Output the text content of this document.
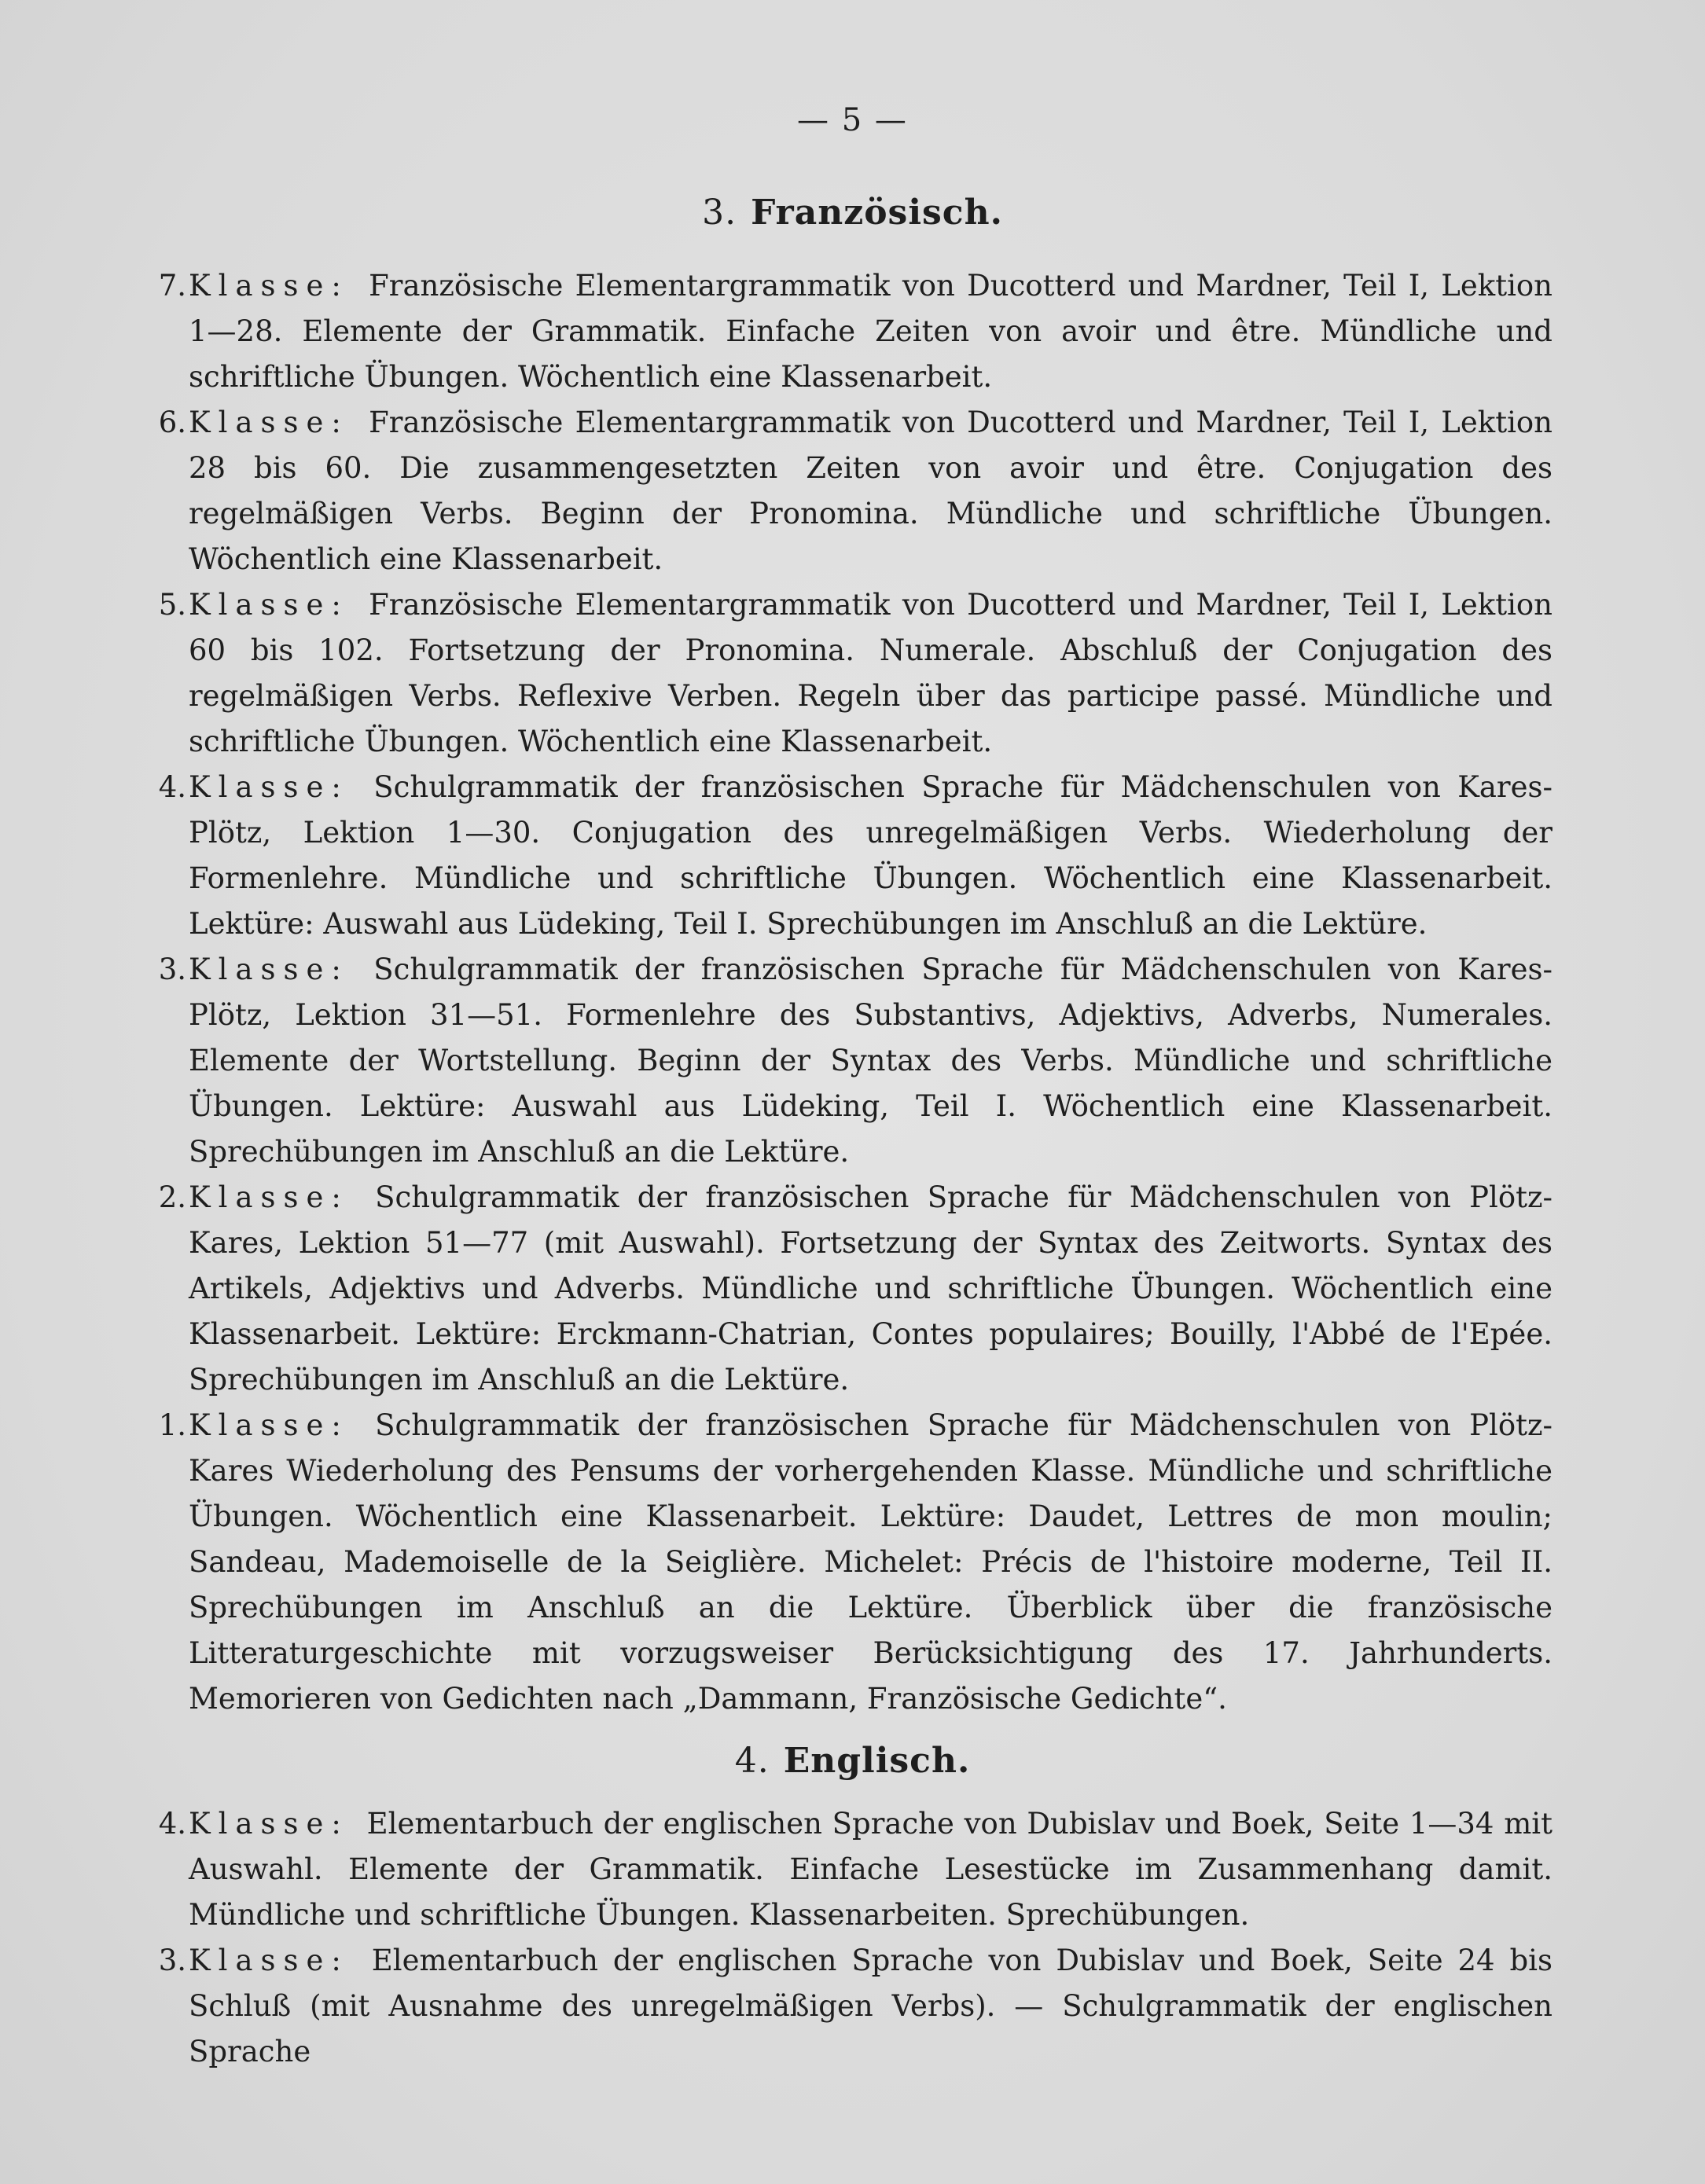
— 5 —
3. Französisch.
7. Klasse: Französische Elementargrammatik von Ducotterd und Mardner, Teil I, Lektion 1—28. Elemente der Grammatik. Einfache Zeiten von avoir und être. Mündliche und schriftliche Übungen. Wöchentlich eine Klassenarbeit.
6. Klasse: Französische Elementargrammatik von Ducotterd und Mardner, Teil I, Lektion 28 bis 60. Die zusammengesetzten Zeiten von avoir und être. Conjugation des regelmäßigen Verbs. Beginn der Pronomina. Mündliche und schriftliche Übungen. Wöchentlich eine Klassenarbeit.
5. Klasse: Französische Elementargrammatik von Ducotterd und Mardner, Teil I, Lektion 60 bis 102. Fortsetzung der Pronomina. Numerale. Abschluß der Conjugation des regelmäßigen Verbs. Reflexive Verben. Regeln über das participe passé. Mündliche und schriftliche Übungen. Wöchentlich eine Klassenarbeit.
4. Klasse: Schulgrammatik der französischen Sprache für Mädchenschulen von Kares-Plötz, Lektion 1—30. Conjugation des unregelmäßigen Verbs. Wiederholung der Formenlehre. Mündliche und schriftliche Übungen. Wöchentlich eine Klassenarbeit. Lektüre: Auswahl aus Lüdeking, Teil I. Sprechübungen im Anschluß an die Lektüre.
3. Klasse: Schulgrammatik der französischen Sprache für Mädchenschulen von Kares-Plötz, Lektion 31—51. Formenlehre des Substantivs, Adjektivs, Adverbs, Numerales. Elemente der Wortstellung. Beginn der Syntax des Verbs. Mündliche und schriftliche Übungen. Lektüre: Auswahl aus Lüdeking, Teil I. Wöchentlich eine Klassenarbeit. Sprechübungen im Anschluß an die Lektüre.
2. Klasse: Schulgrammatik der französischen Sprache für Mädchenschulen von Plötz-Kares, Lektion 51—77 (mit Auswahl). Fortsetzung der Syntax des Zeitworts. Syntax des Artikels, Adjektivs und Adverbs. Mündliche und schriftliche Übungen. Wöchentlich eine Klassenarbeit. Lektüre: Erckmann-Chatrian, Contes populaires; Bouilly, l'Abbé de l'Epée. Sprechübungen im Anschluß an die Lektüre.
1. Klasse: Schulgrammatik der französischen Sprache für Mädchenschulen von Plötz-Kares Wiederholung des Pensums der vorhergehenden Klasse. Mündliche und schriftliche Übungen. Wöchentlich eine Klassenarbeit. Lektüre: Daudet, Lettres de mon moulin; Sandeau, Mademoiselle de la Seiglière. Michelet: Précis de l'histoire moderne, Teil II. Sprechübungen im Anschluß an die Lektüre. Überblick über die französische Litteraturgeschichte mit vorzugsweiser Berücksichtigung des 17. Jahrhunderts. Memorieren von Gedichten nach „Dammann, Französische Gedichte“.
4. Englisch.
4. Klasse: Elementarbuch der englischen Sprache von Dubislav und Boek, Seite 1—34 mit Auswahl. Elemente der Grammatik. Einfache Lesestücke im Zusammenhang damit. Mündliche und schriftliche Übungen. Klassenarbeiten. Sprechübungen.
3. Klasse: Elementarbuch der englischen Sprache von Dubislav und Boek, Seite 24 bis Schluß (mit Ausnahme des unregelmäßigen Verbs). — Schulgrammatik der englischen Sprache
